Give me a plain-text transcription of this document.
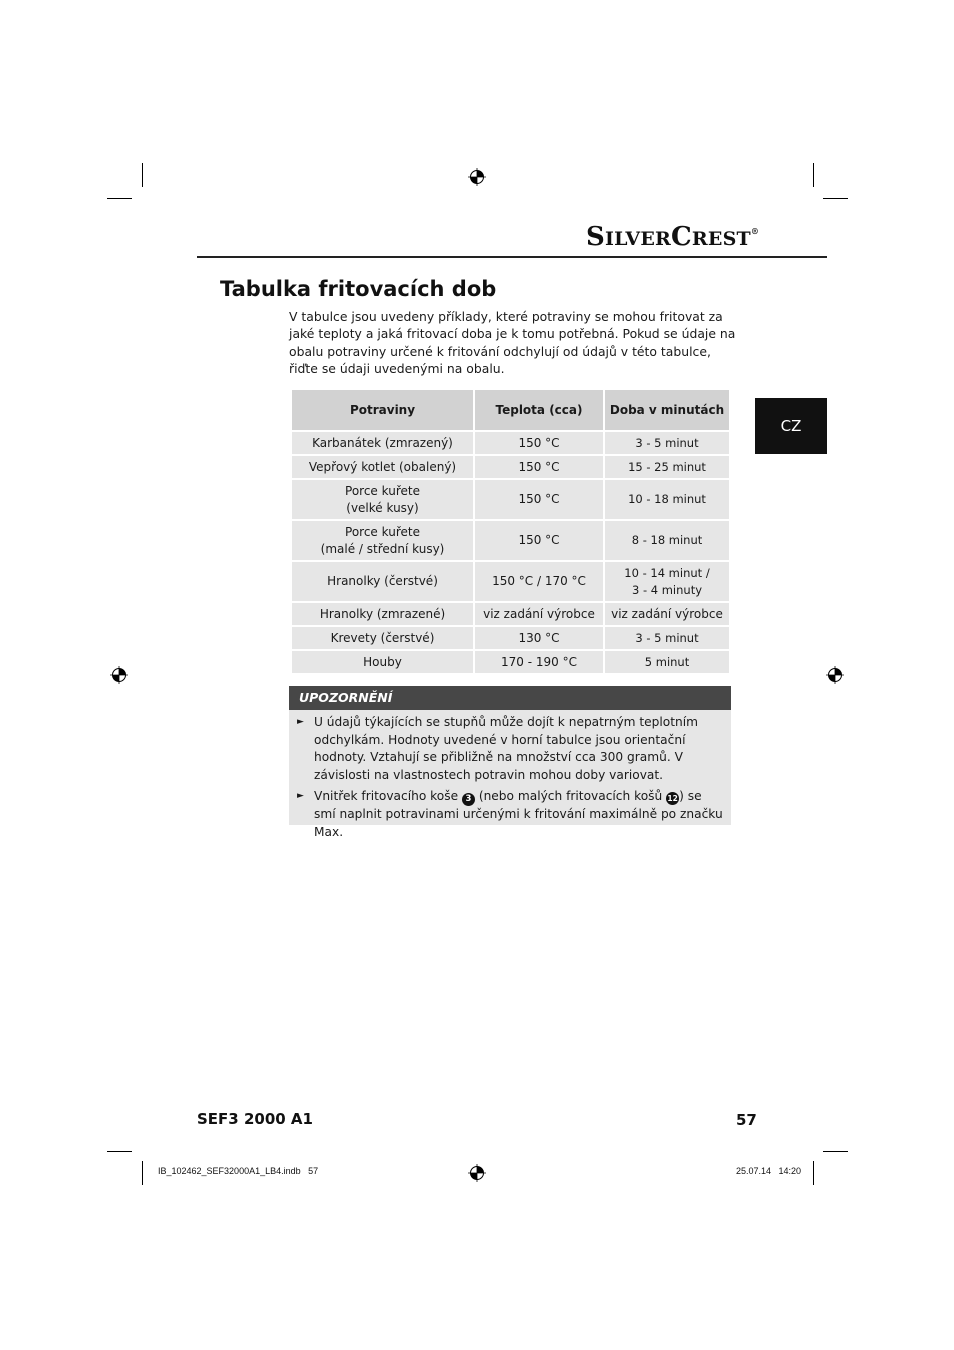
SILVERCREST®
Tabulka fritovacích dob

V tabulce jsou uvedeny příklady, které potraviny se mohou fritovat za jaké teploty a jaká fritovací doba je k tomu potřebná. Pokud se údaje na obalu potraviny určené k fritování odchylují od údajů v této tabulce, řiďte se údaji uvedenými na obalu.

CZ
Potraviny	Teplota (cca)	Doba v minutách
Karbanátek (zmrazený)	150 °C	3 - 5 minut
Vepřový kotlet (obalený)	150 °C	15 - 25 minut
Porce kuřete
(velké kusy)	150 °C	10 - 18 minut
Porce kuřete
(malé / střední kusy)	150 °C	8 - 18 minut
Hranolky (čerstvé)	150 °C / 170 °C	10 - 14 minut /
3 - 4 minuty
Hranolky (zmrazené)	viz zadání výrobce	viz zadání výrobce
Krevety (čerstvé)	130 °C	3 - 5 minut
Houby	170 - 190 °C	5 minut
UPOZORNĚNÍ
► U údajů týkajících se stupňů může dojít k nepatrným teplotním odchylkám. Hodnoty uvedené v horní tabulce jsou orientační hodnoty. Vztahují se přibližně na množství cca 300 gramů. V závislosti na vlastnostech potravin mohou doby variovat.
► Vnitřek fritovacího koše 3 (nebo malých fritovacích košů 12) se smí naplnit potravinami určenými k fritování maximálně po značku Max.
SEF3 2000 A1	57
IB_102462_SEF32000A1_LB4.indb   57	25.07.14   14:20
